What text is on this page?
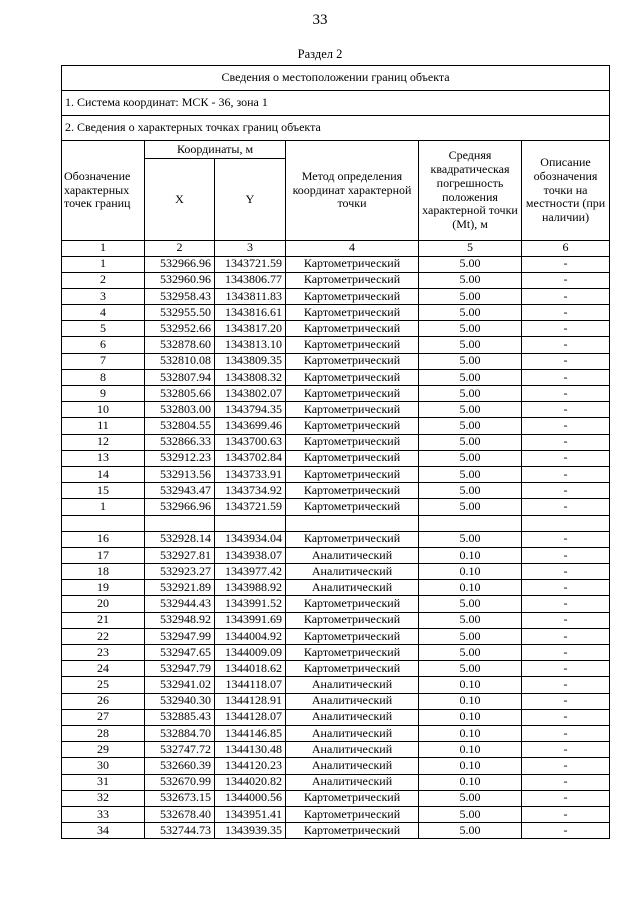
33
Раздел 2
Сведения о местоположении границ объекта					
1. Система координат: МСК - 36, зона 1					
2. Сведения о характерных точках границ объекта					
Обозначение характерных точек границ	Координаты, м		Метод определения координат характерной точки	Средняя квадратическая погрешность положения характерной точки (Mt), м	Описание обозначения точки на местности (при наличии)
	X	Y			
1	2	3	4	5	6
1	532966.96	1343721.59	Картометрический	5.00	-
2	532960.96	1343806.77	Картометрический	5.00	-
3	532958.43	1343811.83	Картометрический	5.00	-
4	532955.50	1343816.61	Картометрический	5.00	-
5	532952.66	1343817.20	Картометрический	5.00	-
6	532878.60	1343813.10	Картометрический	5.00	-
7	532810.08	1343809.35	Картометрический	5.00	-
8	532807.94	1343808.32	Картометрический	5.00	-
9	532805.66	1343802.07	Картометрический	5.00	-
10	532803.00	1343794.35	Картометрический	5.00	-
11	532804.55	1343699.46	Картометрический	5.00	-
12	532866.33	1343700.63	Картометрический	5.00	-
13	532912.23	1343702.84	Картометрический	5.00	-
14	532913.56	1343733.91	Картометрический	5.00	-
15	532943.47	1343734.92	Картометрический	5.00	-
1	532966.96	1343721.59	Картометрический	5.00	-

16	532928.14	1343934.04	Картометрический	5.00	-
17	532927.81	1343938.07	Аналитический	0.10	-
18	532923.27	1343977.42	Аналитический	0.10	-
19	532921.89	1343988.92	Аналитический	0.10	-
20	532944.43	1343991.52	Картометрический	5.00	-
21	532948.92	1343991.69	Картометрический	5.00	-
22	532947.99	1344004.92	Картометрический	5.00	-
23	532947.65	1344009.09	Картометрический	5.00	-
24	532947.79	1344018.62	Картометрический	5.00	-
25	532941.02	1344118.07	Аналитический	0.10	-
26	532940.30	1344128.91	Аналитический	0.10	-
27	532885.43	1344128.07	Аналитический	0.10	-
28	532884.70	1344146.85	Аналитический	0.10	-
29	532747.72	1344130.48	Аналитический	0.10	-
30	532660.39	1344120.23	Аналитический	0.10	-
31	532670.99	1344020.82	Аналитический	0.10	-
32	532673.15	1344000.56	Картометрический	5.00	-
33	532678.40	1343951.41	Картометрический	5.00	-
34	532744.73	1343939.35	Картометрический	5.00	-
